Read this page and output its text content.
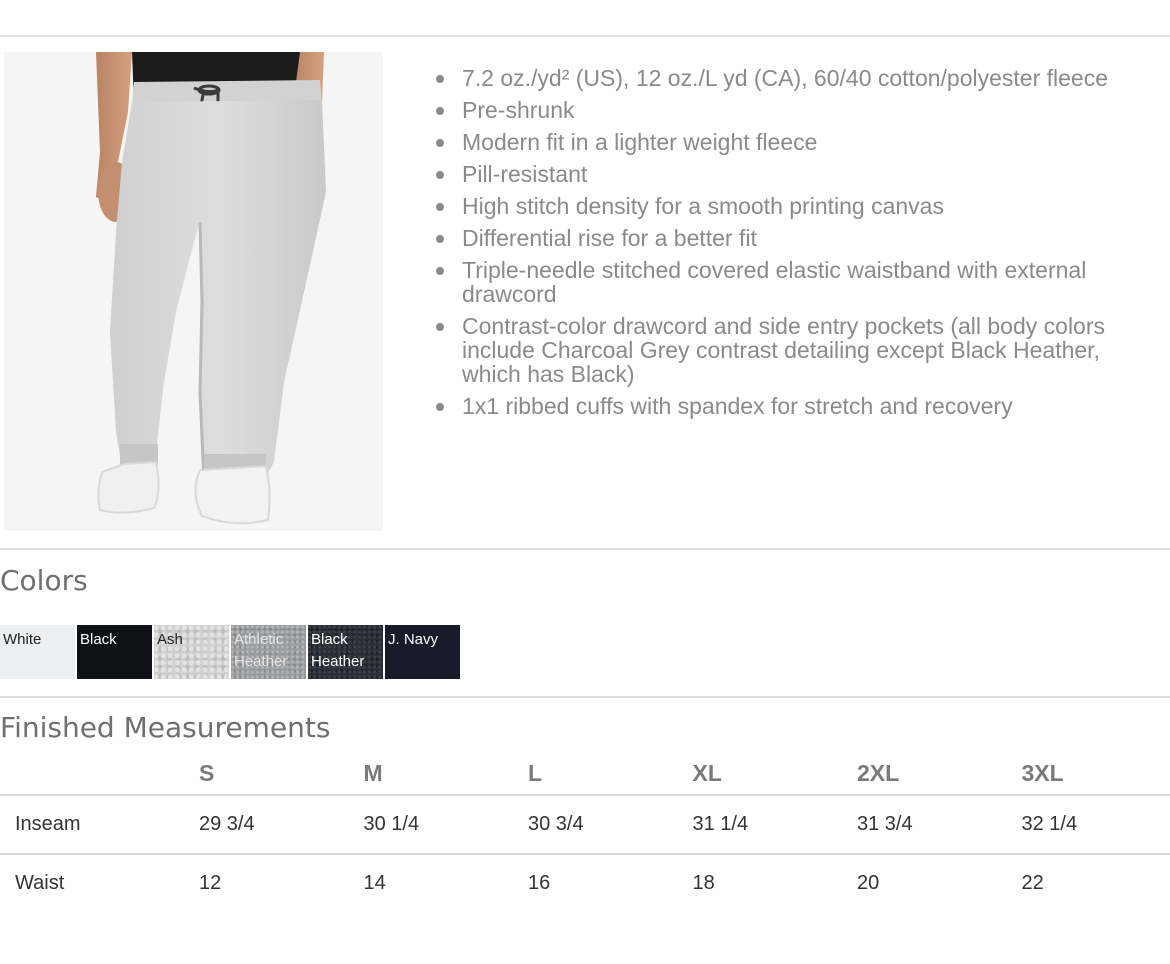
7.2 oz./yd² (US), 12 oz./L yd (CA), 60/40 cotton/polyester fleece
Pre-shrunk
Modern fit in a lighter weight fleece
Pill-resistant
High stitch density for a smooth printing canvas
Differential rise for a better fit
Triple-needle stitched covered elastic waistband with external drawcord
Contrast-color drawcord and side entry pockets (all body colors include Charcoal Grey contrast detailing except Black Heather, which has Black)
1x1 ribbed cuffs with spandex for stretch and recovery
Colors
White	Black	Ash	Athletic Heather
Black Heather
J. Navy
Finished Measurements
	S	M	L	XL	2XL	3XL
Inseam	29 3/4	30 1/4	30 3/4	31 1/4	31 3/4	32 1/4
Waist	12	14	16	18	20	22
